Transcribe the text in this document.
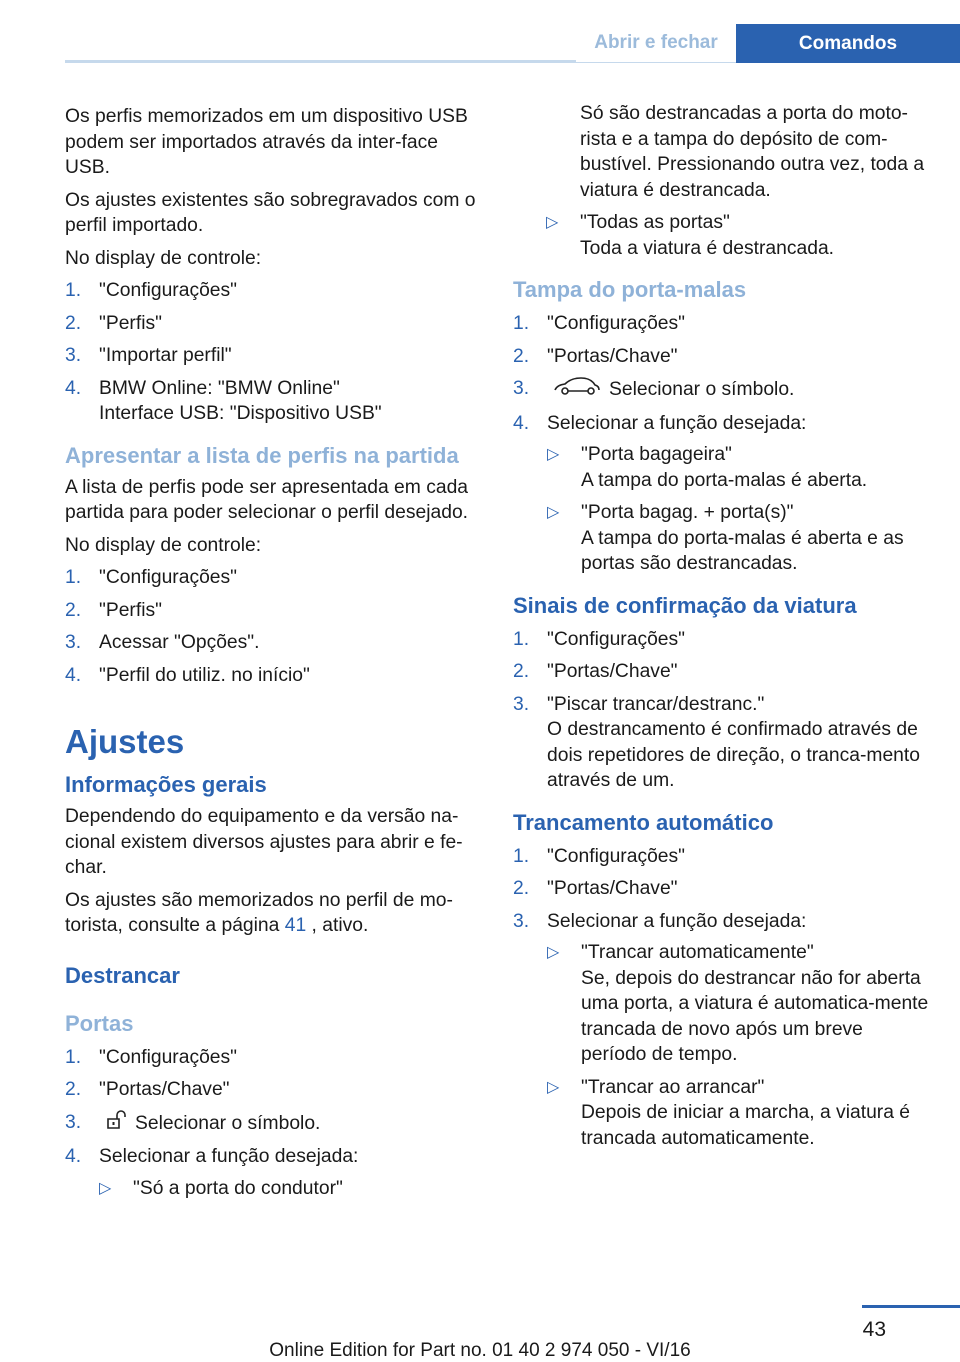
Abrir e fechar	Comandos

Os perfis memorizados em um dispositivo USB podem ser importados através da inter‐face USB.

Os ajustes existentes são sobregravados com o perfil importado.

No display de controle:

1. "Configurações"
2. "Perfis"
3. "Importar perfil"
4. BMW Online: "BMW Online"
Interface USB: "Dispositivo USB"
Apresentar a lista de perfis na partida

A lista de perfis pode ser apresentada em cada partida para poder selecionar o perfil desejado.

No display de controle:

1. "Configurações"
2. "Perfis"
3. Acessar "Opções".
4. "Perfil do utiliz. no início"
Ajustes
Informações gerais

Dependendo do equipamento e da versão na‐cional existem diversos ajustes para abrir e fe‐char.

Os ajustes são memorizados no perfil de mo‐torista, consulte a página 41 , ativo.

Destrancar
Portas
1. "Configurações"
2. "Portas/Chave"
3.	Selecionar o símbolo.
4. Selecionar a função desejada:
▷ "Só a porta do condutor"

Só são destrancadas a porta do moto‐rista e a tampa do depósito de com‐bustível. Pressionando outra vez, toda a viatura é destrancada.

▷ "Todas as portas"
Toda a viatura é destrancada.
Tampa do porta-malas
1. "Configurações"
2. "Portas/Chave"
3.	Selecionar o símbolo.
4. Selecionar a função desejada:
▷ "Porta bagageira"
A tampa do porta-malas é aberta.
▷ "Porta bagag. + porta(s)"
A tampa do porta-malas é aberta e as portas são destrancadas.
Sinais de confirmação da viatura
1. "Configurações"
2. "Portas/Chave"
3. "Piscar trancar/destranc."
O destrancamento é confirmado através de dois repetidores de direção, o tranca‐mento através de um.
Trancamento automático
1. "Configurações"
2. "Portas/Chave"
3. Selecionar a função desejada:
▷ "Trancar automaticamente"
Se, depois do destrancar não for aberta uma porta, a viatura é automatica‐mente trancada de novo após um breve período de tempo.
▷ "Trancar ao arrancar"
Depois de iniciar a marcha, a viatura é trancada automaticamente.
43
Online Edition for Part no. 01 40 2 974 050 - VI/16
